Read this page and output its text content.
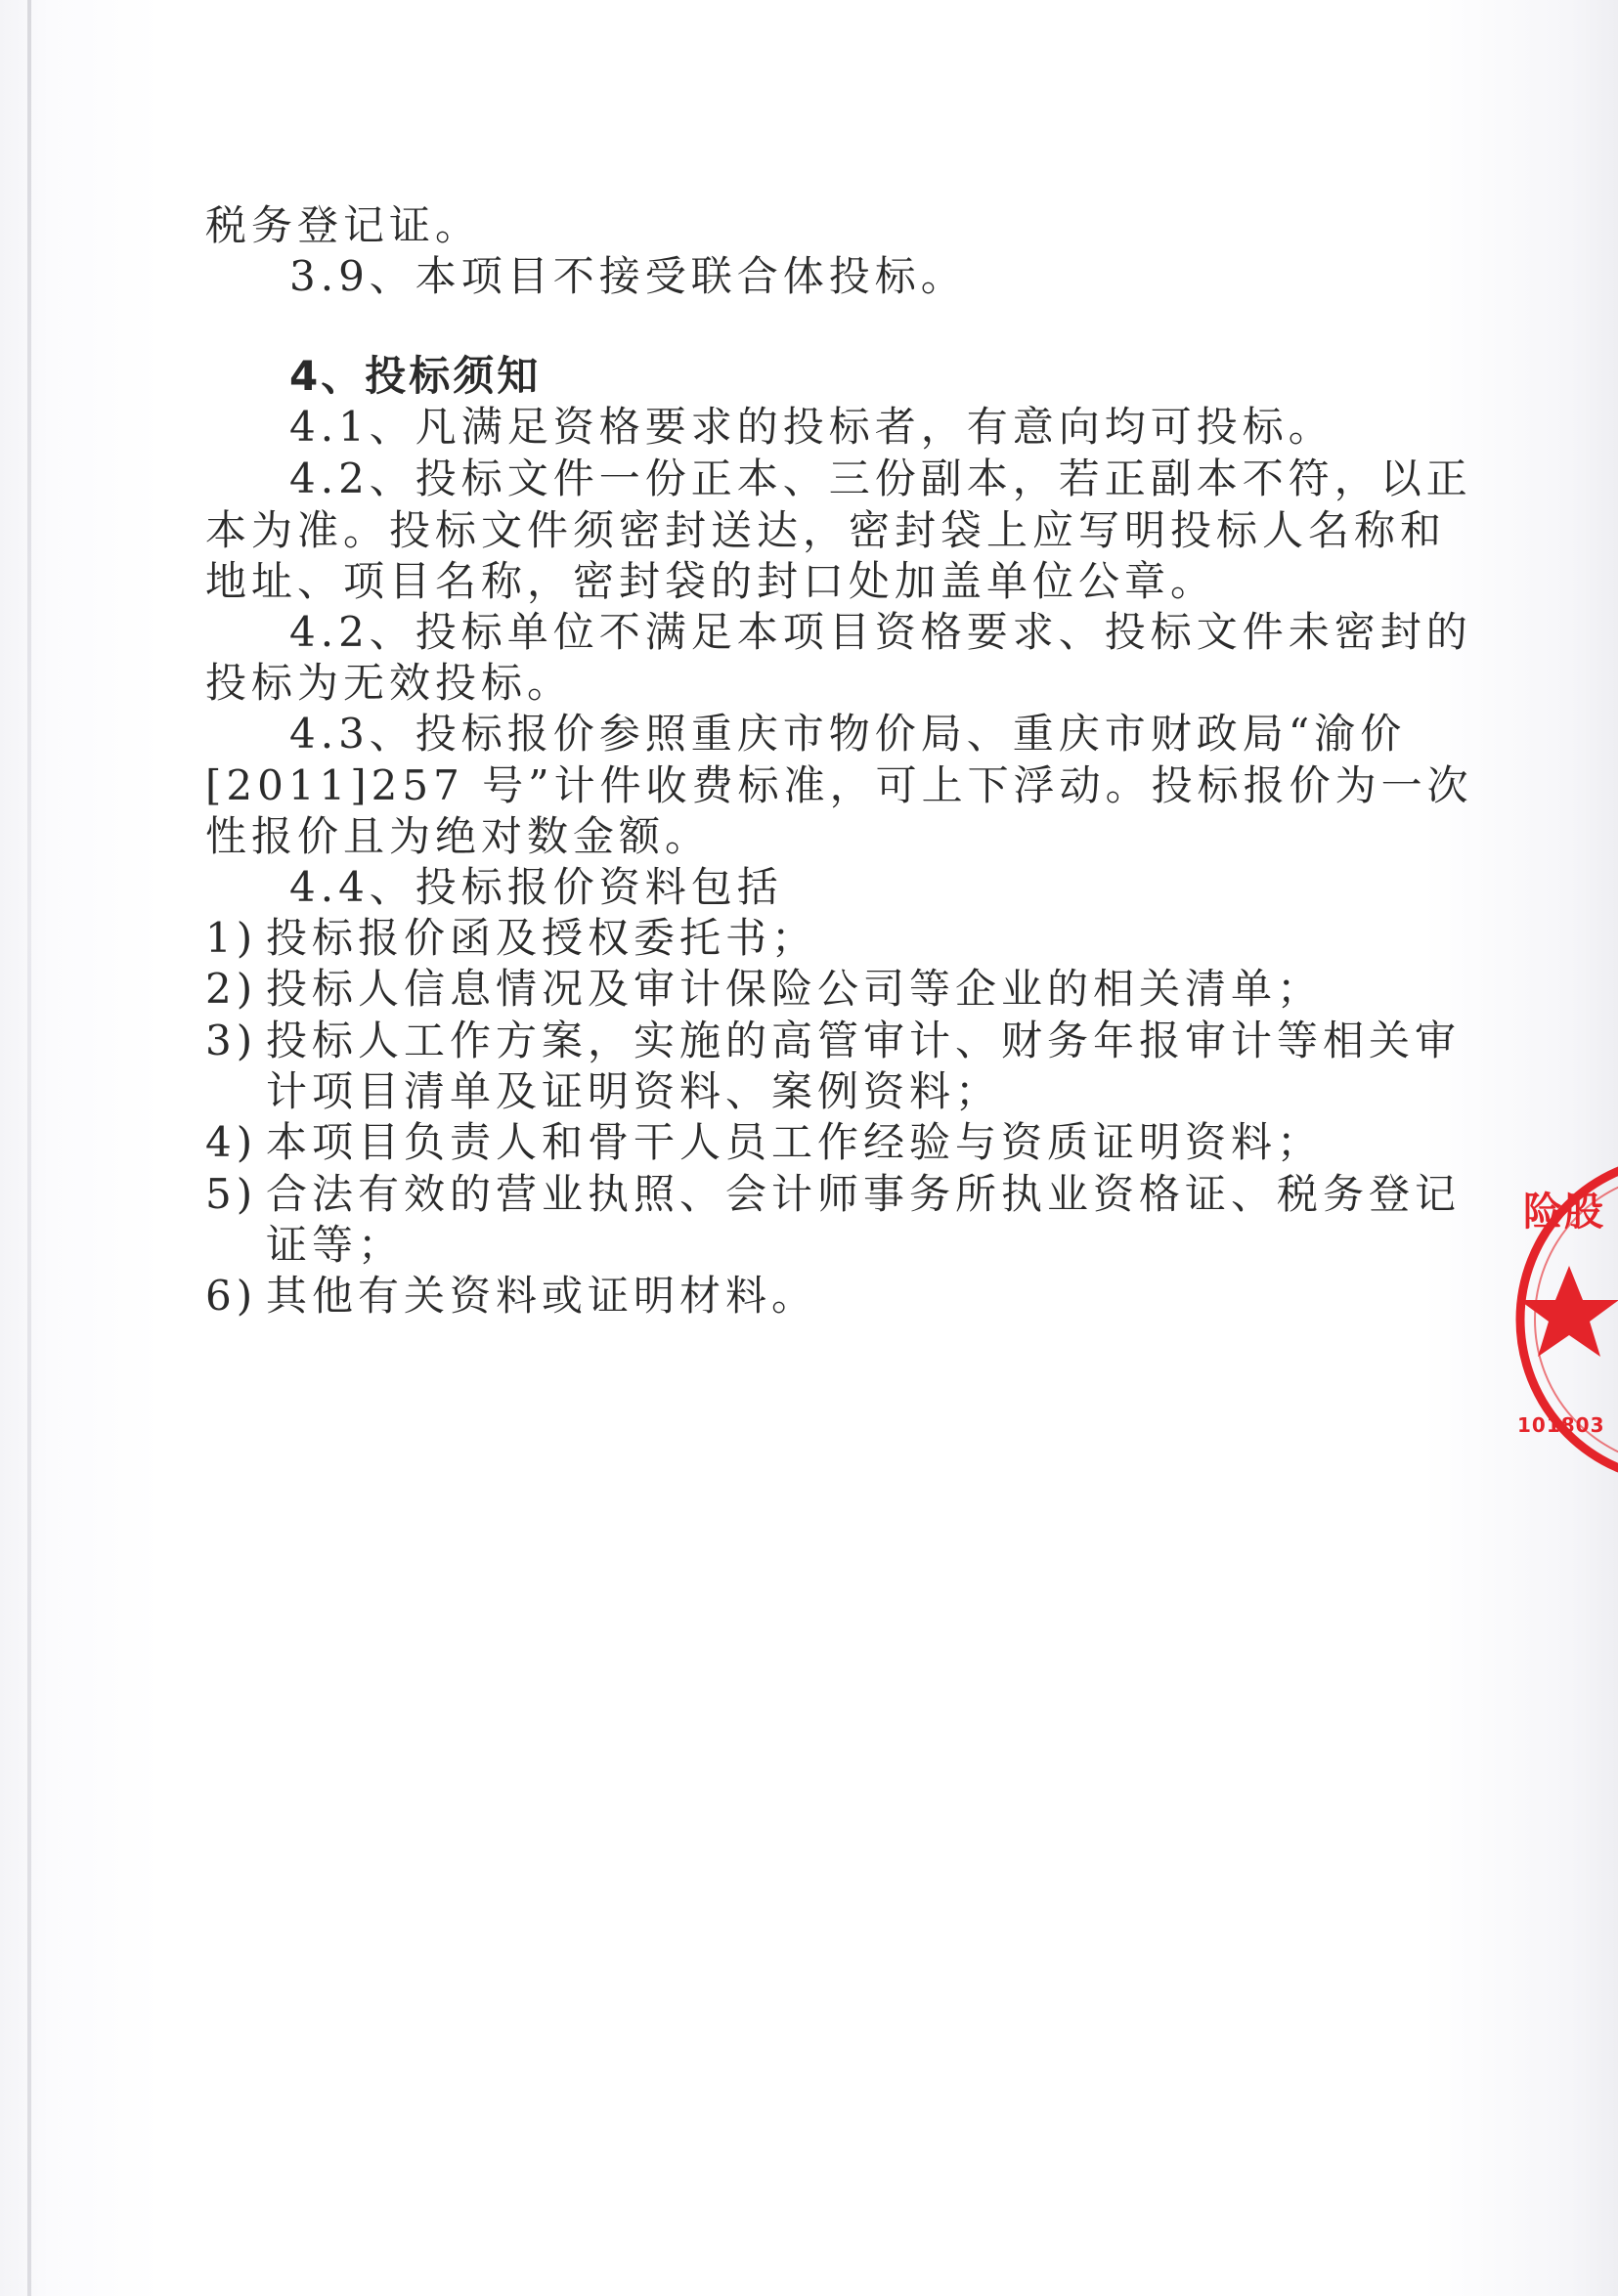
税务登记证。
3.9、本项目不接受联合体投标。
4、投标须知
4.1、凡满足资格要求的投标者，有意向均可投标。
4.2、投标文件一份正本、三份副本，若正副本不符，以正
本为准。投标文件须密封送达，密封袋上应写明投标人名称和
地址、项目名称，密封袋的封口处加盖单位公章。
4.2、投标单位不满足本项目资格要求、投标文件未密封的
投标为无效投标。
4.3、投标报价参照重庆市物价局、重庆市财政局“渝价
[2011]257 号”计件收费标准，可上下浮动。投标报价为一次
性报价且为绝对数金额。
4.4、投标报价资料包括
1) 投标报价函及授权委托书；
2) 投标人信息情况及审计保险公司等企业的相关清单；
3) 投标人工作方案，实施的高管审计、财务年报审计等相关审
计项目清单及证明资料、案例资料；
4) 本项目负责人和骨干人员工作经验与资质证明资料；
5) 合法有效的营业执照、会计师事务所执业资格证、税务登记
证等；
6) 其他有关资料或证明材料。
险股
101803
